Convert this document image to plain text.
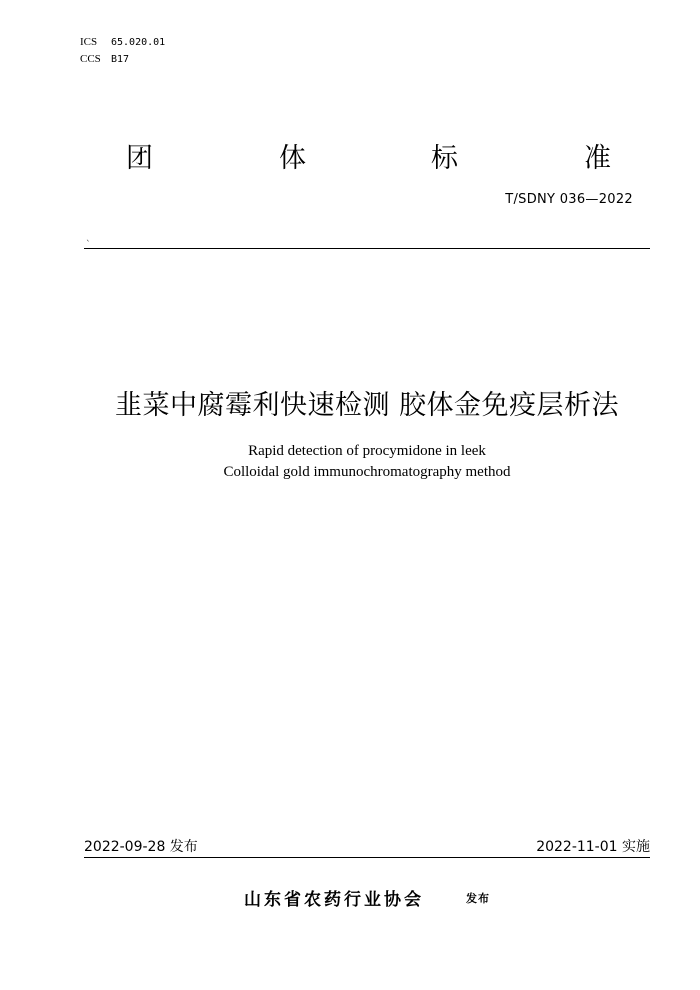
ICS 65.020.01
CCS B17
团	体	标	准
T/SDNY 036—2022
`
韭菜中腐霉利快速检测 胶体金免疫层析法
Rapid detection of procymidone in leek
Colloidal gold immunochromatography method
2022-09-28 发布	2022-11-01 实施
山东省农药行业协会	发布
